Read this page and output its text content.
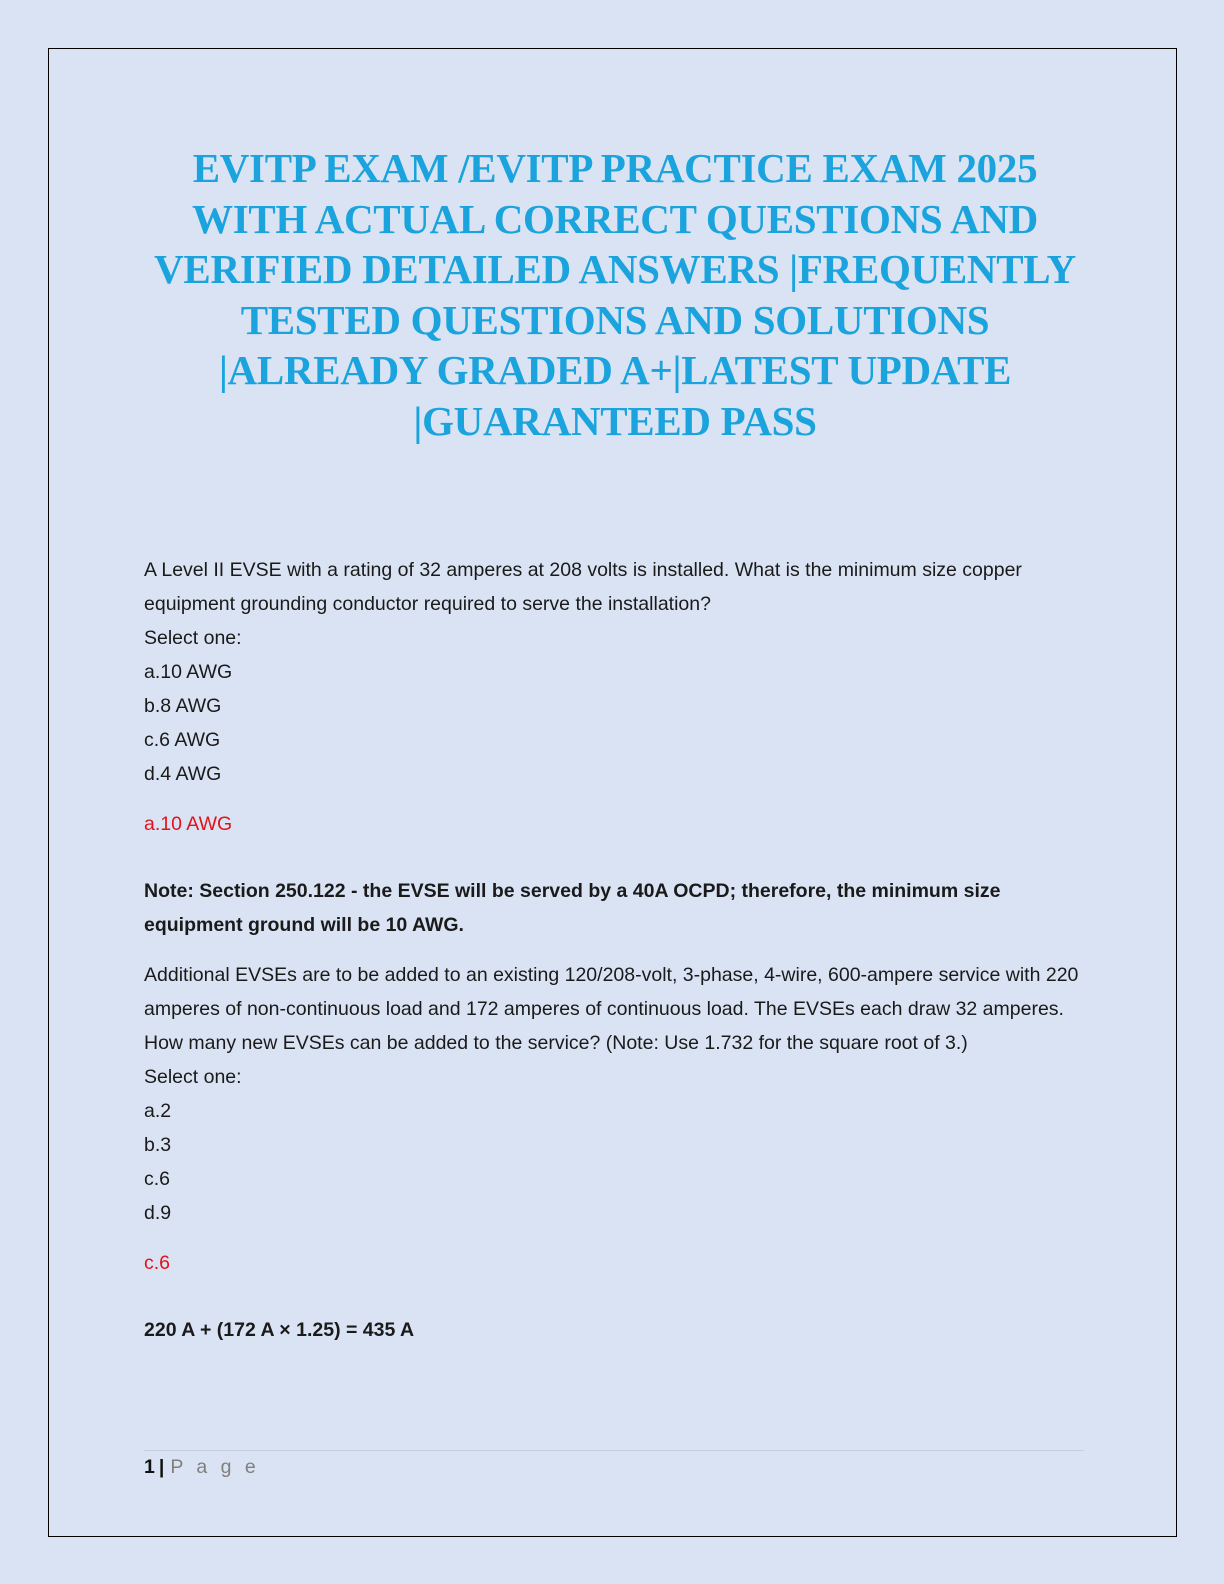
EVITP EXAM /EVITP PRACTICE EXAM 2025 WITH ACTUAL CORRECT QUESTIONS AND VERIFIED DETAILED ANSWERS |FREQUENTLY TESTED QUESTIONS AND SOLUTIONS |ALREADY GRADED A+|LATEST UPDATE |GUARANTEED PASS

A Level II EVSE with a rating of 32 amperes at 208 volts is installed. What is the minimum size copper equipment grounding conductor required to serve the installation?

Select one:

a.10 AWG

b.8 AWG

c.6 AWG

d.4 AWG

a.10 AWG

Note: Section 250.122 - the EVSE will be served by a 40A OCPD; therefore, the minimum size equipment ground will be 10 AWG.

Additional EVSEs are to be added to an existing 120/208-volt, 3-phase, 4-wire, 600-ampere service with 220 amperes of non-continuous load and 172 amperes of continuous load. The EVSEs each draw 32 amperes. How many new EVSEs can be added to the service? (Note: Use 1.732 for the square root of 3.)

Select one:

a.2

b.3

c.6

d.9

c.6

220 A + (172 A × 1.25) = 435 A

1 | P a g e
